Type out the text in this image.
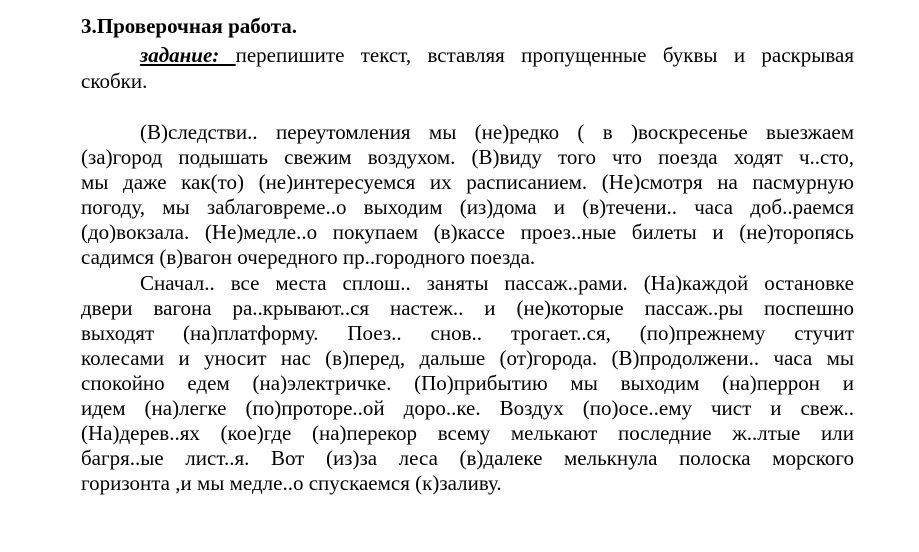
3.Проверочная работа.
задание: перепишите текст, вставляя пропущенные буквы и раскрывая
скобки.
(В)следстви.. переутомления мы (не)редко ( в )воскресенье выезжаем
(за)город подышать свежим воздухом. (В)виду того что поезда ходят ч..сто,
мы даже как(то) (не)интересуемся их расписанием. (Не)смотря на пасмурную
погоду, мы заблаговреме..о выходим (из)дома и (в)течени.. часа доб..раемся
(до)вокзала. (Не)медле..о покупаем (в)кассе проез..ные билеты и (не)торопясь
садимся (в)вагон очередного пр..городного поезда.
Сначал.. все места сплош.. заняты пассаж..рами. (На)каждой остановке
двери вагона ра..крывают..ся настеж.. и (не)которые пассаж..ры поспешно
выходят (на)платформу. Поез.. снов.. трогает..ся, (по)прежнему стучит
колесами и уносит нас (в)перед, дальше (от)города. (В)продолжени.. часа мы
спокойно едем (на)электричке. (По)прибытию мы выходим (на)перрон и
идем (на)легке (по)проторе..ой доро..ке. Воздух (по)осе..ему чист и свеж..
(На)дерев..ях (кое)где (на)перекор всему мелькают последние ж..лтые или
багря..ые лист..я. Вот (из)за леса (в)далеке мелькнула полоска морского
горизонта ,и мы медле..о спускаемся (к)заливу.
